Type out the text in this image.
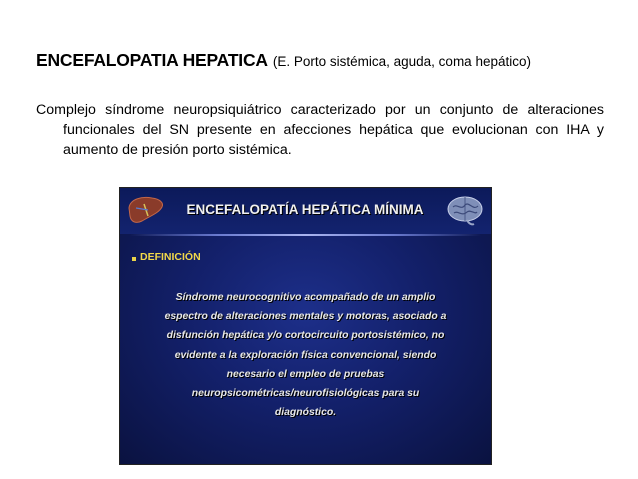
ENCEFALOPATIA HEPATICA (E. Porto sistémica, aguda, coma hepático)
Complejo síndrome neuropsiquiátrico caracterizado por un conjunto de alteraciones funcionales del SN presente en afecciones hepática que evolucionan con IHA y aumento de presión porto sistémica.
ENCEFALOPATÍA HEPÁTICA MÍNIMA
DEFINICIÓN
Síndrome neurocognitivo acompañado de un amplio
espectro de alteraciones mentales y motoras, asociado a
disfunción hepática y/o cortocircuito portosistémico, no
evidente a la exploración física convencional, siendo
necesario el empleo de pruebas
neuropsicométricas/neurofisiológicas para su
diagnóstico.
